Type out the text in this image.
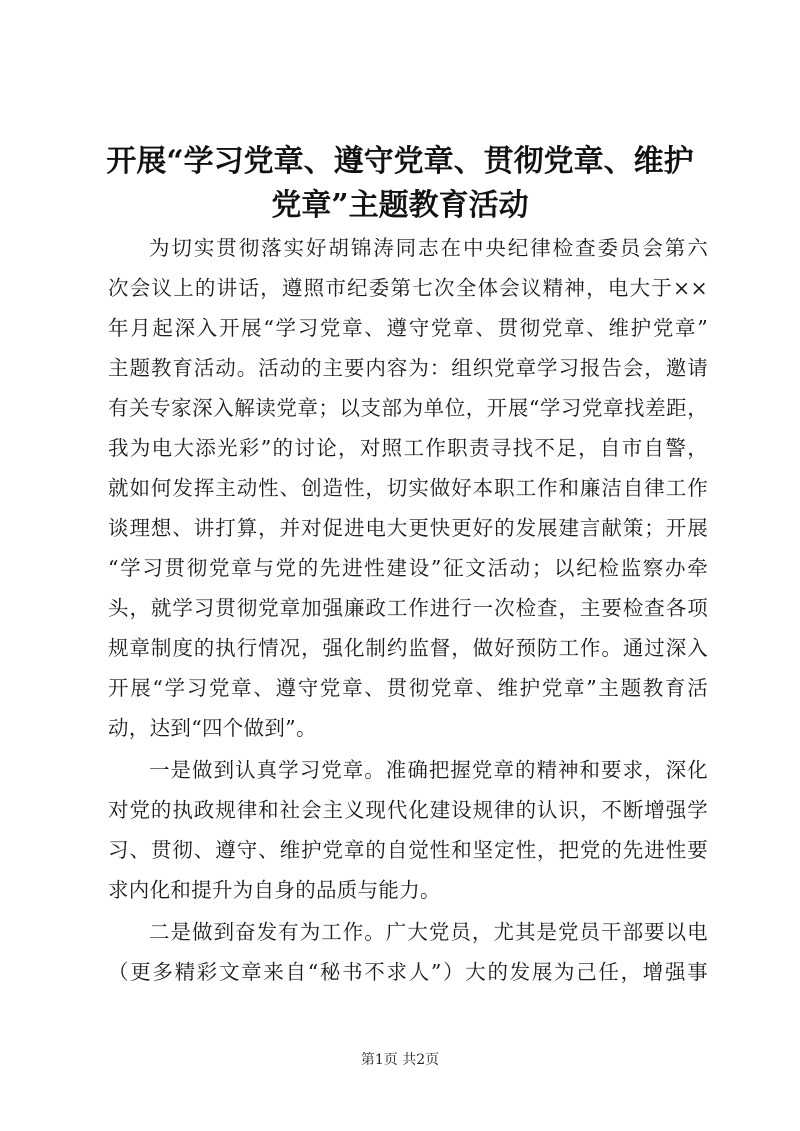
开展“学习党章、遵守党章、贯彻党章、维护
党章”主题教育活动
为切实贯彻落实好胡锦涛同志在中央纪律检查委员会第六
次会议上的讲话，遵照市纪委第七次全体会议精神，电大于××
年月起深入开展“学习党章、遵守党章、贯彻党章、维护党章”
主题教育活动。活动的主要内容为：组织党章学习报告会，邀请
有关专家深入解读党章；以支部为单位，开展“学习党章找差距，
我为电大添光彩”的讨论，对照工作职责寻找不足，自市自警，
就如何发挥主动性、创造性，切实做好本职工作和廉洁自律工作
谈理想、讲打算，并对促进电大更快更好的发展建言献策；开展
“学习贯彻党章与党的先进性建设”征文活动；以纪检监察办牵
头，就学习贯彻党章加强廉政工作进行一次检查，主要检查各项
规章制度的执行情况，强化制约监督，做好预防工作。通过深入
开展“学习党章、遵守党章、贯彻党章、维护党章”主题教育活
动，达到“四个做到”。
一是做到认真学习党章。准确把握党章的精神和要求，深化
对党的执政规律和社会主义现代化建设规律的认识，不断增强学
习、贯彻、遵守、维护党章的自觉性和坚定性，把党的先进性要
求内化和提升为自身的品质与能力。
二是做到奋发有为工作。广大党员，尤其是党员干部要以电
（更多精彩文章来自“秘书不求人”）大的发展为己任，增强事
第1页 共2页
